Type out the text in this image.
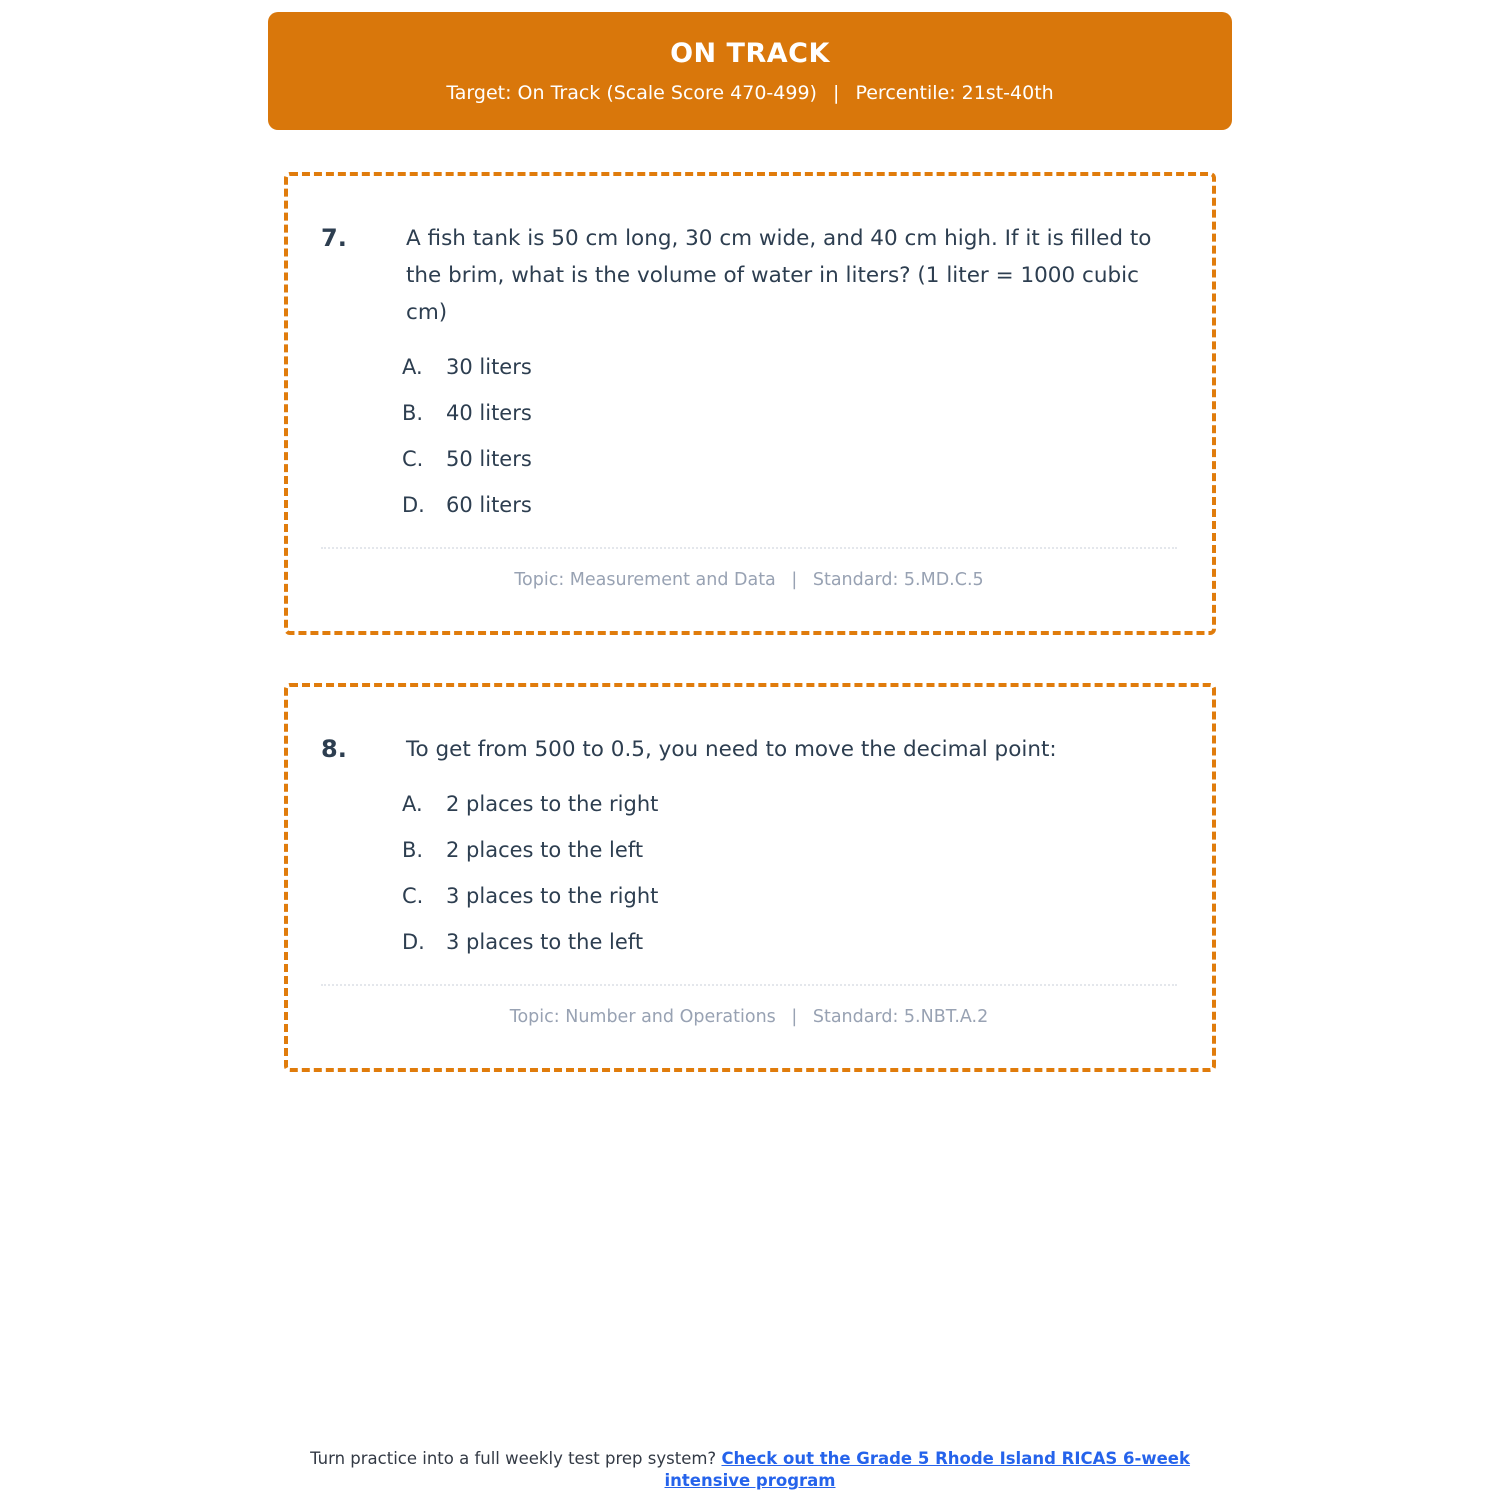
ON TRACK
Target: On Track (Scale Score 470-499) | Percentile: 21st-40th
7.	A fish tank is 50 cm long, 30 cm wide, and 40 cm high. If it is filled to the brim, what is the volume of water in liters? (1 liter = 1000 cubic cm)
A.	30 liters
B.	40 liters
C.	50 liters
D.	60 liters
Topic: Measurement and Data | Standard: 5.MD.C.5
8.	To get from 500 to 0.5, you need to move the decimal point:
A.	2 places to the right
B.	2 places to the left
C.	3 places to the right
D.	3 places to the left
Topic: Number and Operations | Standard: 5.NBT.A.2
Turn practice into a full weekly test prep system? Check out the Grade 5 Rhode Island RICAS 6-week intensive program
